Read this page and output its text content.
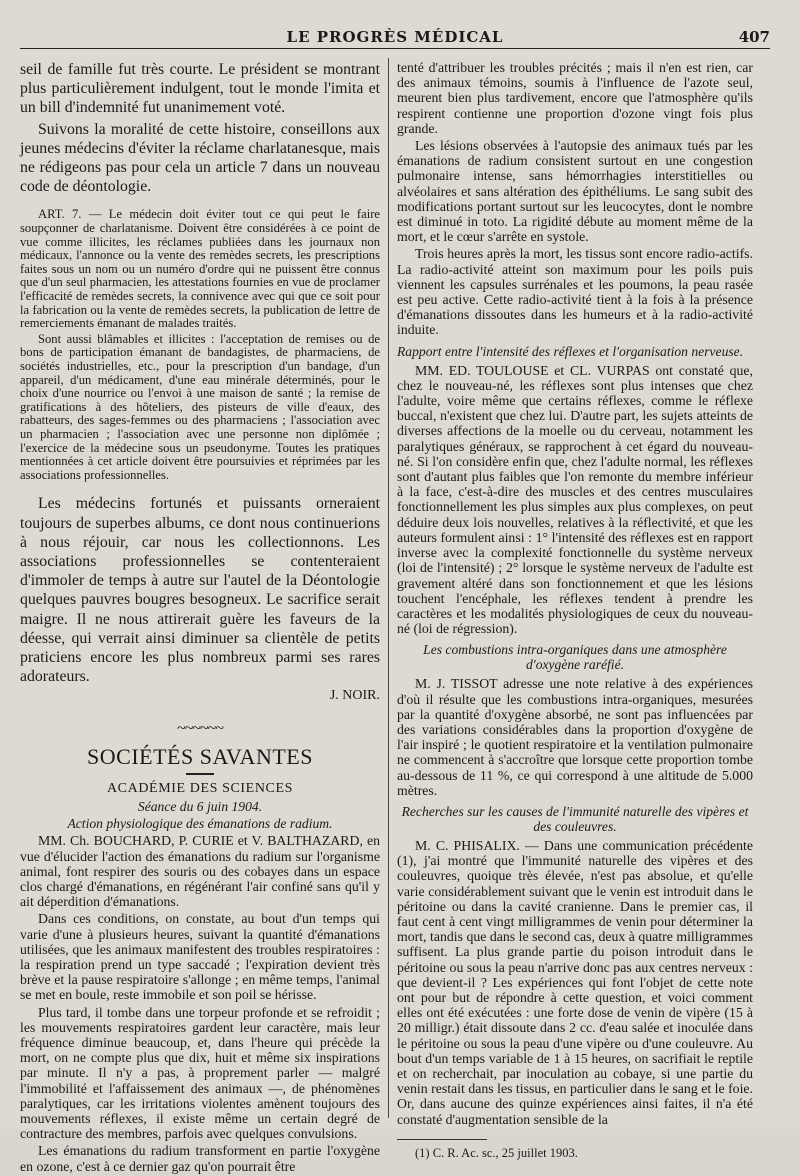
LE PROGRÈS MÉDICAL	407

seil de famille fut très courte. Le président se montrant plus particulièrement indulgent, tout le monde l'imita et un bill d'indemnité fut unanimement voté.

Suivons la moralité de cette histoire, conseillons aux jeunes médecins d'éviter la réclame charlatanesque, mais ne rédigeons pas pour cela un article 7 dans un nouveau code de déontologie.

ART. 7. — Le médecin doit éviter tout ce qui peut le faire soupçonner de charlatanisme. Doivent être considérées à ce point de vue comme illicites, les réclames publiées dans les journaux non médicaux, l'annonce ou la vente des remèdes secrets, les prescriptions faites sous un nom ou un numéro d'ordre qui ne puissent être connus que d'un seul pharmacien, les attestations fournies en vue de proclamer l'efficacité de remèdes secrets, la connivence avec qui que ce soit pour la fabrication ou la vente de remèdes secrets, la publication de lettre de remerciements émanant de malades traités.

Sont aussi blâmables et illicites : l'acceptation de remises ou de bons de participation émanant de bandagistes, de pharmaciens, de sociétés industrielles, etc., pour la prescription d'un bandage, d'un appareil, d'un médicament, d'une eau minérale déterminés, pour le choix d'une nourrice ou l'envoi à une maison de santé ; la remise de gratifications à des hôteliers, des pisteurs de ville d'eaux, des rabatteurs, des sages-femmes ou des pharmaciens ; l'association avec un pharmacien ; l'association avec une personne non diplômée ; l'exercice de la médecine sous un pseudonyme. Toutes les pratiques mentionnées à cet article doivent être poursuivies et réprimées par les associations professionnelles.

Les médecins fortunés et puissants orneraient toujours de superbes albums, ce dont nous continuerions à nous réjouir, car nous les collectionnons. Les associations professionnelles se contenteraient d'immoler de temps à autre sur l'autel de la Déontologie quelques pauvres bougres besogneux. Le sacrifice serait maigre. Il ne nous attirerait guère les faveurs de la déesse, qui verrait ainsi diminuer sa clientèle de petits praticiens encore les plus nombreux parmi ses rares adorateurs.

J. NOIR.

~~~~~~
SOCIÉTÉS SAVANTES
ACADÉMIE DES SCIENCES

Séance du 6 juin 1904.

Action physiologique des émanations de radium.

MM. Ch. BOUCHARD, P. CURIE et V. BALTHAZARD, en vue d'élucider l'action des émanations du radium sur l'organisme animal, font respirer des souris ou des cobayes dans un espace clos chargé d'émanations, en régénérant l'air confiné sans qu'il y ait déperdition d'émanations.

Dans ces conditions, on constate, au bout d'un temps qui varie d'une à plusieurs heures, suivant la quantité d'émanations utilisées, que les animaux manifestent des troubles respiratoires : la respiration prend un type saccadé ; l'expiration devient très brève et la pause respiratoire s'allonge ; en même temps, l'animal se met en boule, reste immobile et son poil se hérisse.

Plus tard, il tombe dans une torpeur profonde et se refroidit ; les mouvements respiratoires gardent leur caractère, mais leur fréquence diminue beaucoup, et, dans l'heure qui précède la mort, on ne compte plus que dix, huit et même six inspirations par minute. Il n'y a pas, à proprement parler — malgré l'immobilité et l'affaissement des animaux —, de phénomènes paralytiques, car les irritations violentes amènent toujours des mouvements réflexes, il existe même un certain degré de contracture des membres, parfois avec quelques convulsions.

Les émanations du radium transforment en partie l'oxygène en ozone, c'est à ce dernier gaz qu'on pourrait être

tenté d'attribuer les troubles précités ; mais il n'en est rien, car des animaux témoins, soumis à l'influence de l'azote seul, meurent bien plus tardivement, encore que l'atmosphère qu'ils respirent contienne une proportion d'ozone vingt fois plus grande.

Les lésions observées à l'autopsie des animaux tués par les émanations de radium consistent surtout en une congestion pulmonaire intense, sans hémorrhagies interstitielles ou alvéolaires et sans altération des épithéliums. Le sang subit des modifications portant surtout sur les leucocytes, dont le nombre est diminué in toto. La rigidité débute au moment même de la mort, et le cœur s'arrête en systole.

Trois heures après la mort, les tissus sont encore radio-actifs. La radio-activité atteint son maximum pour les poils puis viennent les capsules surrénales et les poumons, la peau rasée est peu active. Cette radio-activité tient à la fois à la présence d'émanations dissoutes dans les humeurs et à la radio-activité induite.

Rapport entre l'intensité des réflexes et l'organisation nerveuse.

MM. ED. TOULOUSE et CL. VURPAS ont constaté que, chez le nouveau-né, les réflexes sont plus intenses que chez l'adulte, voire même que certains réflexes, comme le réflexe buccal, n'existent que chez lui. D'autre part, les sujets atteints de diverses affections de la moelle ou du cerveau, notamment les paralytiques généraux, se rapprochent à cet égard du nouveau-né. Si l'on considère enfin que, chez l'adulte normal, les réflexes sont d'autant plus faibles que l'on remonte du membre inférieur à la face, c'est-à-dire des muscles et des centres musculaires fonctionnellement les plus simples aux plus complexes, on peut déduire deux lois nouvelles, relatives à la réflectivité, et que les auteurs formulent ainsi : 1° l'intensité des réflexes est en rapport inverse avec la complexité fonctionnelle du système nerveux (loi de l'intensité) ; 2° lorsque le système nerveux de l'adulte est gravement altéré dans son fonctionnement et que les lésions touchent l'encéphale, les réflexes tendent à prendre les caractères et les modalités physiologiques de ceux du nouveau-né (loi de régression).

Les combustions intra-organiques dans une atmosphère d'oxygène raréfié.

M. J. TISSOT adresse une note relative à des expériences d'où il résulte que les combustions intra-organiques, mesurées par la quantité d'oxygène absorbé, ne sont pas influencées par des variations considérables dans la proportion d'oxygène de l'air inspiré ; le quotient respiratoire et la ventilation pulmonaire ne commencent à s'accroître que lorsque cette proportion tombe au-dessous de 11 %, ce qui correspond à une altitude de 5.000 mètres.

Recherches sur les causes de l'immunité naturelle des vipères et des couleuvres.

M. C. PHISALIX. — Dans une communication précédente (1), j'ai montré que l'immunité naturelle des vipères et des couleuvres, quoique très élevée, n'est pas absolue, et qu'elle varie considérablement suivant que le venin est introduit dans le péritoine ou dans la cavité cranienne. Dans le premier cas, il faut cent à cent vingt milligrammes de venin pour déterminer la mort, tandis que dans le second cas, deux à quatre milligrammes suffisent. La plus grande partie du poison introduit dans le péritoine ou sous la peau n'arrive donc pas aux centres nerveux : que devient-il ? Les expériences qui font l'objet de cette note ont pour but de répondre à cette question, et voici comment elles ont été exécutées : une forte dose de venin de vipère (15 à 20 milligr.) était dissoute dans 2 cc. d'eau salée et inoculée dans le péritoine ou sous la peau d'une vipère ou d'une couleuvre. Au bout d'un temps variable de 1 à 15 heures, on sacrifiait le reptile et on recherchait, par inoculation au cobaye, si une partie du venin restait dans les tissus, en particulier dans le sang et le foie. Or, dans aucune des quinze expériences ainsi faites, il n'a été constaté d'augmentation sensible de la

(1) C. R. Ac. sc., 25 juillet 1903.
